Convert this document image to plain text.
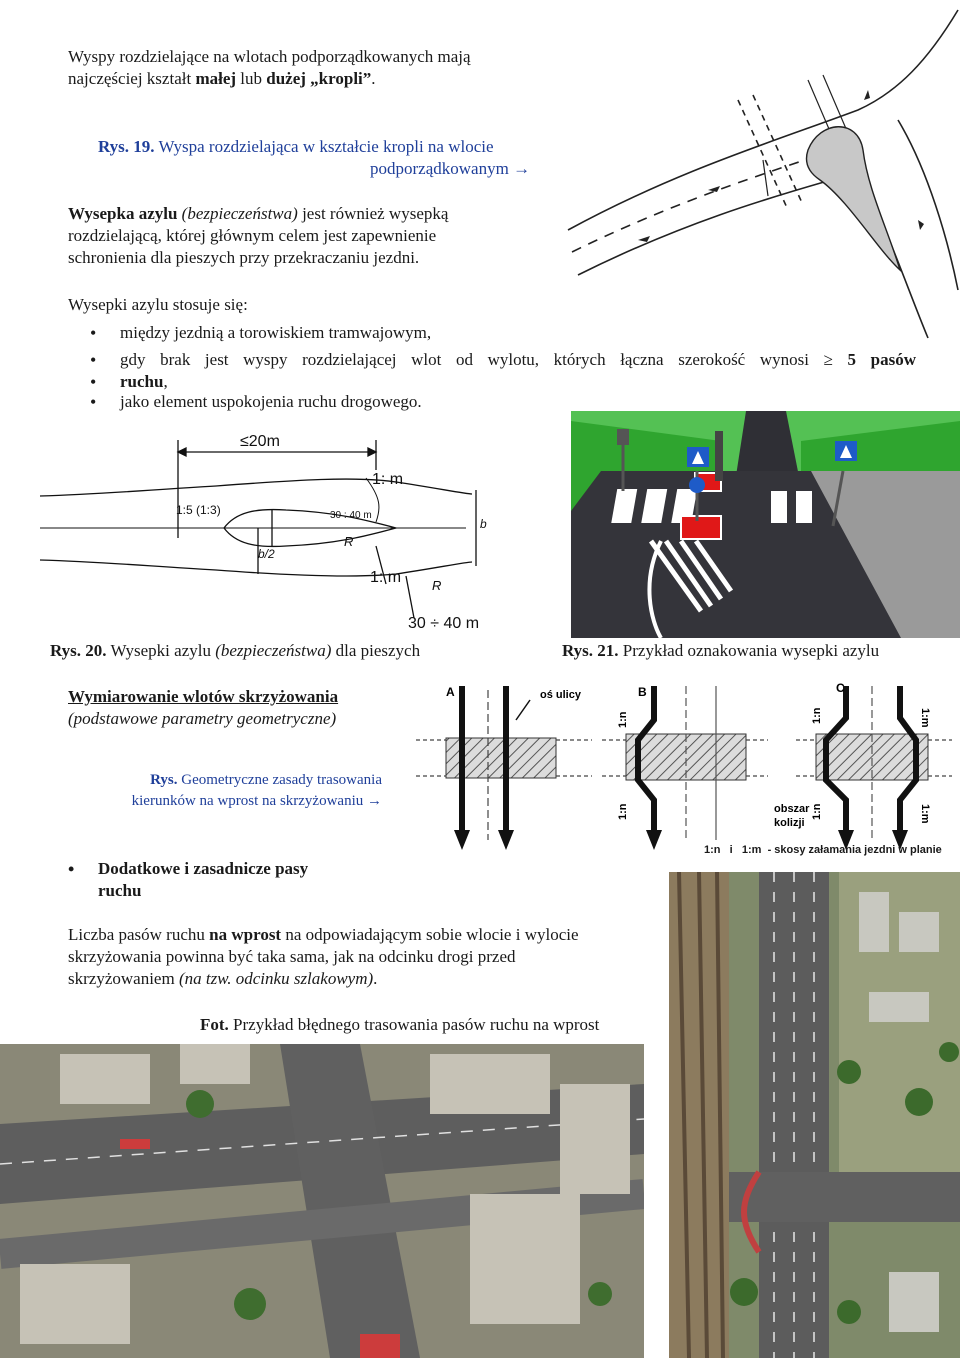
Wyspy rozdzielające na wlotach podporządkowanych mają
najczęściej kształt małej lub dużej „kropli”.
Rys. 19. Wyspa rozdzielająca w kształcie kropli na wlocie
podporządkowanym →
Wysepka azylu (bezpieczeństwa) jest również wysepką
rozdzielającą, której głównym celem jest zapewnienie
schronienia dla pieszych przy przekraczaniu jezdni.
Wysepki azylu stosuje się:
• między jezdnią a torowiskiem tramwajowym,
• gdy brak jest wyspy rozdzielającej wlot od wylotu, których łączna szerokość wynosi ≥ 5 pasów
• ruchu,
• jako element uspokojenia ruchu drogowego.
≤20m
1: m
1:5 (1:3)	30 : 40 m
b
b/2
R
1: m R
30 ÷ 40 m
Rys. 20. Wysepki azylu (bezpieczeństwa) dla pieszych	Rys. 21. Przykład oznakowania wysepki azylu
Wymiarowanie wlotów skrzyżowania
(podstawowe parametry geometryczne)
Rys. Geometryczne zasady trasowania
kierunków na wprost na skrzyżowaniu →
A	oś ulicy	B
1:n
1:n
C
1:n	1:m
1:n	1:m
obszar
kolizji
1:n   i   1:m  - skosy załamania jezdni w planie
• Dodatkowe i zasadnicze pasy
ruchu
Liczba pasów ruchu na wprost na odpowiadającym sobie wlocie i wylocie
skrzyżowania powinna być taka sama, jak na odcinku drogi przed
skrzyżowaniem (na tzw. odcinku szlakowym).
Fot. Przykład błędnego trasowania pasów ruchu na wprost
